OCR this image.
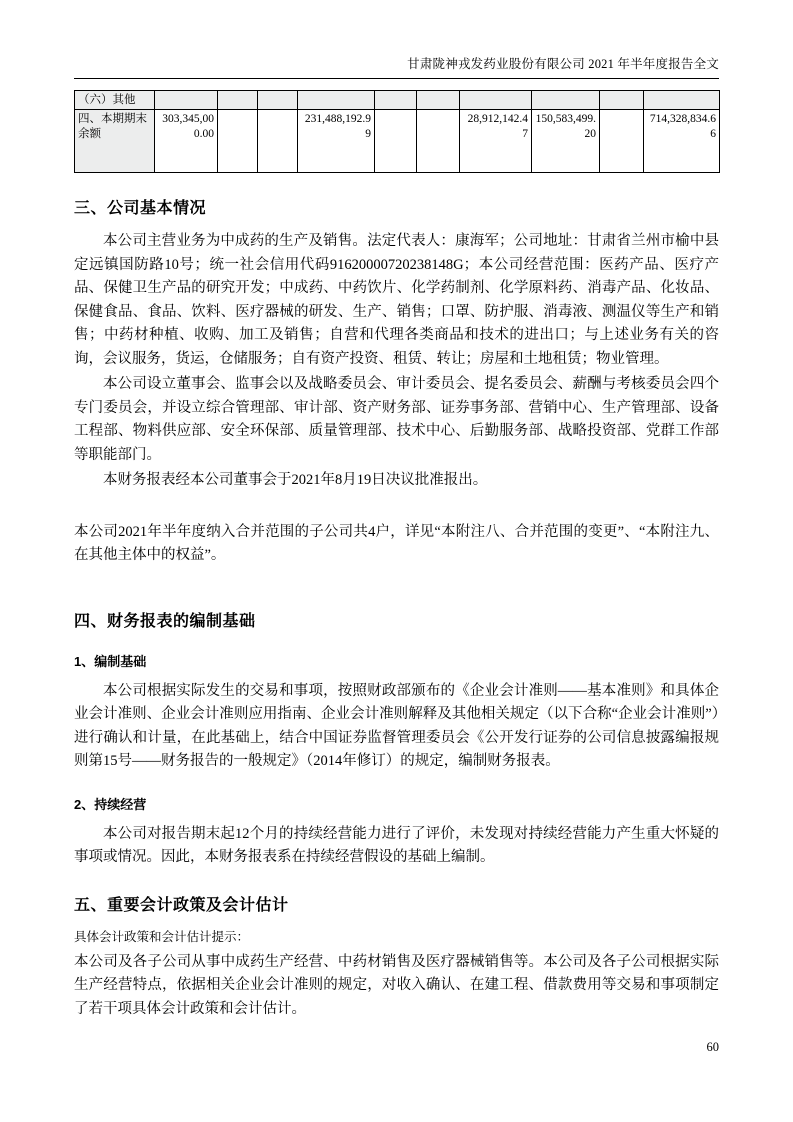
甘肃陇神戎发药业股份有限公司 2021 年半年度报告全文
（六）其他										
四、本期期末余额	303,345,000.00			231,488,192.99			28,912,142.47	150,583,499.20		714,328,834.66
三、公司基本情况

本公司主营业务为中成药的生产及销售。法定代表人：康海军；公司地址：甘肃省兰州市榆中县定远镇国防路10号；统一社会信用代码91620000720238148G；本公司经营范围：医药产品、医疗产品、保健卫生产品的研究开发；中成药、中药饮片、化学药制剂、化学原料药、消毒产品、化妆品、保健食品、食品、饮料、医疗器械的研发、生产、销售；口罩、防护服、消毒液、测温仪等生产和销售；中药材种植、收购、加工及销售；自营和代理各类商品和技术的进出口；与上述业务有关的咨询，会议服务，货运，仓储服务；自有资产投资、租赁、转让；房屋和土地租赁；物业管理。

本公司设立董事会、监事会以及战略委员会、审计委员会、提名委员会、薪酬与考核委员会四个专门委员会，并设立综合管理部、审计部、资产财务部、证券事务部、营销中心、生产管理部、设备工程部、物料供应部、安全环保部、质量管理部、技术中心、后勤服务部、战略投资部、党群工作部等职能部门。

本财务报表经本公司董事会于2021年8月19日决议批准报出。

本公司2021年半年度纳入合并范围的子公司共4户，详见“本附注八、合并范围的变更”、“本附注九、在其他主体中的权益”。

四、财务报表的编制基础
1、编制基础

本公司根据实际发生的交易和事项，按照财政部颁布的《企业会计准则——基本准则》和具体企业会计准则、企业会计准则应用指南、企业会计准则解释及其他相关规定（以下合称“企业会计准则”）进行确认和计量，在此基础上，结合中国证券监督管理委员会《公开发行证券的公司信息披露编报规则第15号——财务报告的一般规定》（2014年修订）的规定，编制财务报表。

2、持续经营

本公司对报告期末起12个月的持续经营能力进行了评价，未发现对持续经营能力产生重大怀疑的事项或情况。因此，本财务报表系在持续经营假设的基础上编制。

五、重要会计政策及会计估计

具体会计政策和会计估计提示：

本公司及各子公司从事中成药生产经营、中药材销售及医疗器械销售等。本公司及各子公司根据实际生产经营特点，依据相关企业会计准则的规定，对收入确认、在建工程、借款费用等交易和事项制定了若干项具体会计政策和会计估计。

60
